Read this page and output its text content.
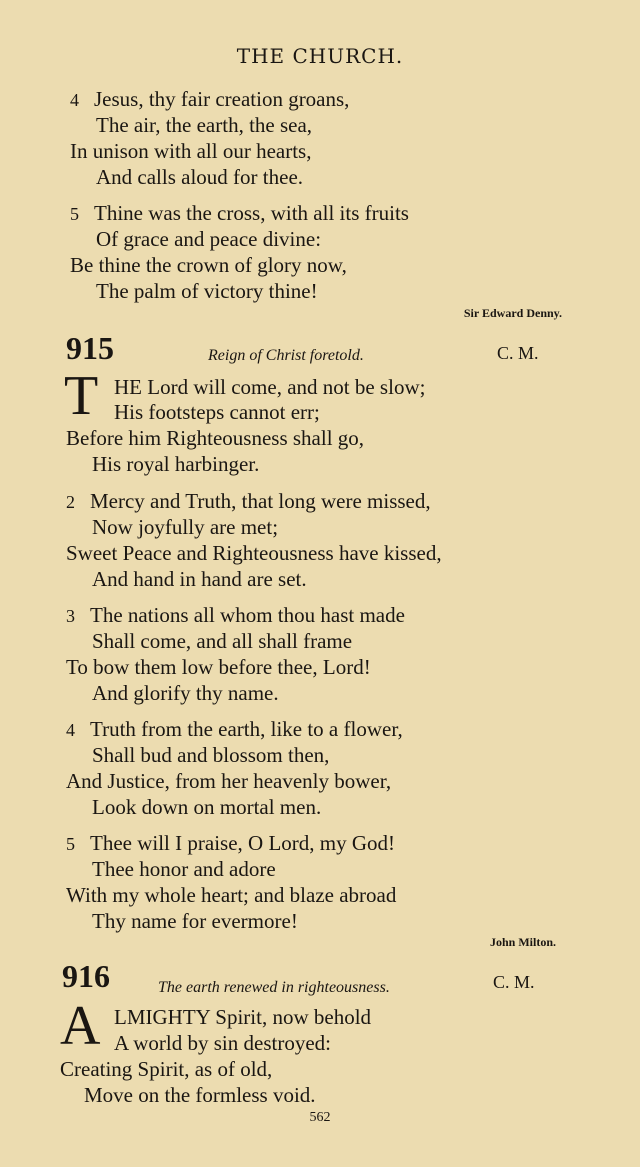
THE CHURCH.
4 Jesus, thy fair creation groans,
The air, the earth, the sea,
In unison with all our hearts,
And calls aloud for thee.
5 Thine was the cross, with all its fruits
Of grace and peace divine:
Be thine the crown of glory now,
The palm of victory thine!
Sir Edward Denny.
915	Reign of Christ foretold.	C. M.
T HE Lord will come, and not be slow;
His footsteps cannot err;
Before him Righteousness shall go,
His royal harbinger.
2 Mercy and Truth, that long were missed,
Now joyfully are met;
Sweet Peace and Righteousness have kissed,
And hand in hand are set.
3 The nations all whom thou hast made
Shall come, and all shall frame
To bow them low before thee, Lord!
And glorify thy name.
4 Truth from the earth, like to a flower,
Shall bud and blossom then,
And Justice, from her heavenly bower,
Look down on mortal men.
5 Thee will I praise, O Lord, my God!
Thee honor and adore
With my whole heart; and blaze abroad
Thy name for evermore!
John Milton.
916	The earth renewed in righteousness.	C. M.
A LMIGHTY Spirit, now behold
A world by sin destroyed:
Creating Spirit, as of old,
Move on the formless void.
562
